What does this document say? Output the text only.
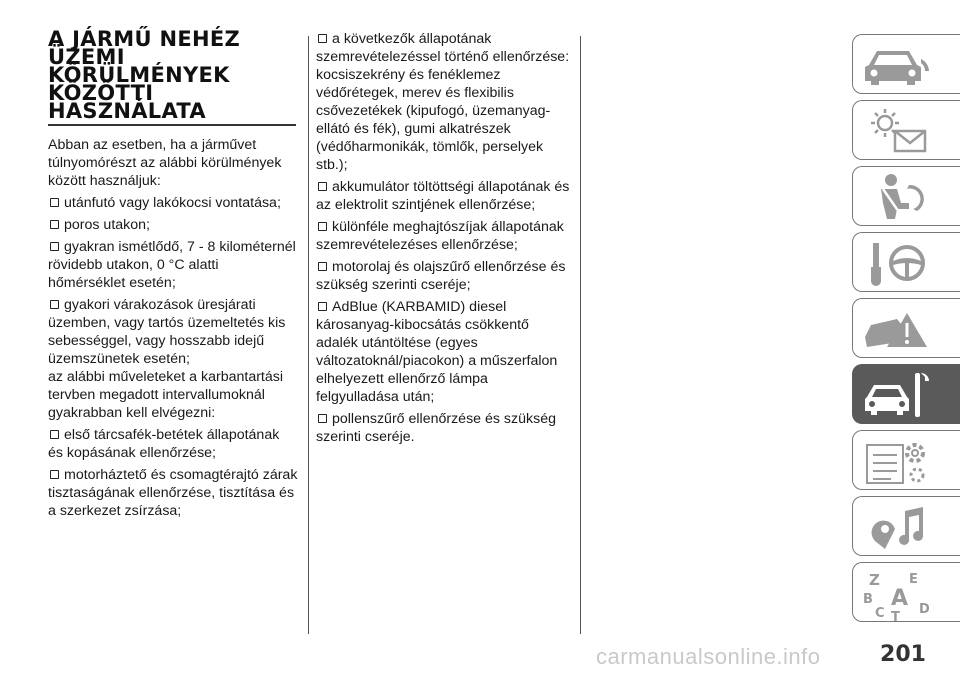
A JÁRMŰ NEHÉZ
ÜZEMI
KÖRÜLMÉNYEK
KÖZÖTTI
HASZNÁLATA

Abban az esetben, ha a járművet túlnyomórészt az alábbi körülmények között használjuk:

utánfutó vagy lakókocsi vontatása;

poros utakon;

gyakran ismétlődő, 7 - 8 kilométernél rövidebb utakon, 0 °C alatti hőmérséklet esetén;

gyakori várakozások üresjárati üzemben, vagy tartós üzemeltetés kis sebességgel, vagy hosszabb idejű üzemszünetek esetén;

az alábbi műveleteket a karbantartási tervben megadott intervallumoknál gyakrabban kell elvégezni:

első tárcsafék-betétek állapotának és kopásának ellenőrzése;

motorháztető és csomagtérajtó zárak tisztaságának ellenőrzése, tisztítása és a szerkezet zsírzása;

a következők állapotának szemrevételezéssel történő ellenőrzése: kocsiszekrény és fenéklemez védőrétegek, merev és flexibilis csővezetékek (kipufogó, üzemanyag-ellátó és fék), gumi alkatrészek (védőharmonikák, tömlők, perselyek stb.);

akkumulátor töltöttségi állapotának és az elektrolit szintjének ellenőrzése;

különféle meghajtószíjak állapotának szemrevételezéses ellenőrzése;

motorolaj és olajszűrő ellenőrzése és szükség szerinti cseréje;

AdBlue (KARBAMID) diesel károsanyag-kibocsátás csökkentő adalék utántöltése (egyes változatoknál/piacokon) a műszerfalon elhelyezett ellenőrző lámpa felgyulladása után;

pollenszűrő ellenőrzése és szükség szerinti cseréje.

Z E
B A D
C T
carmanualsonline.info	201
